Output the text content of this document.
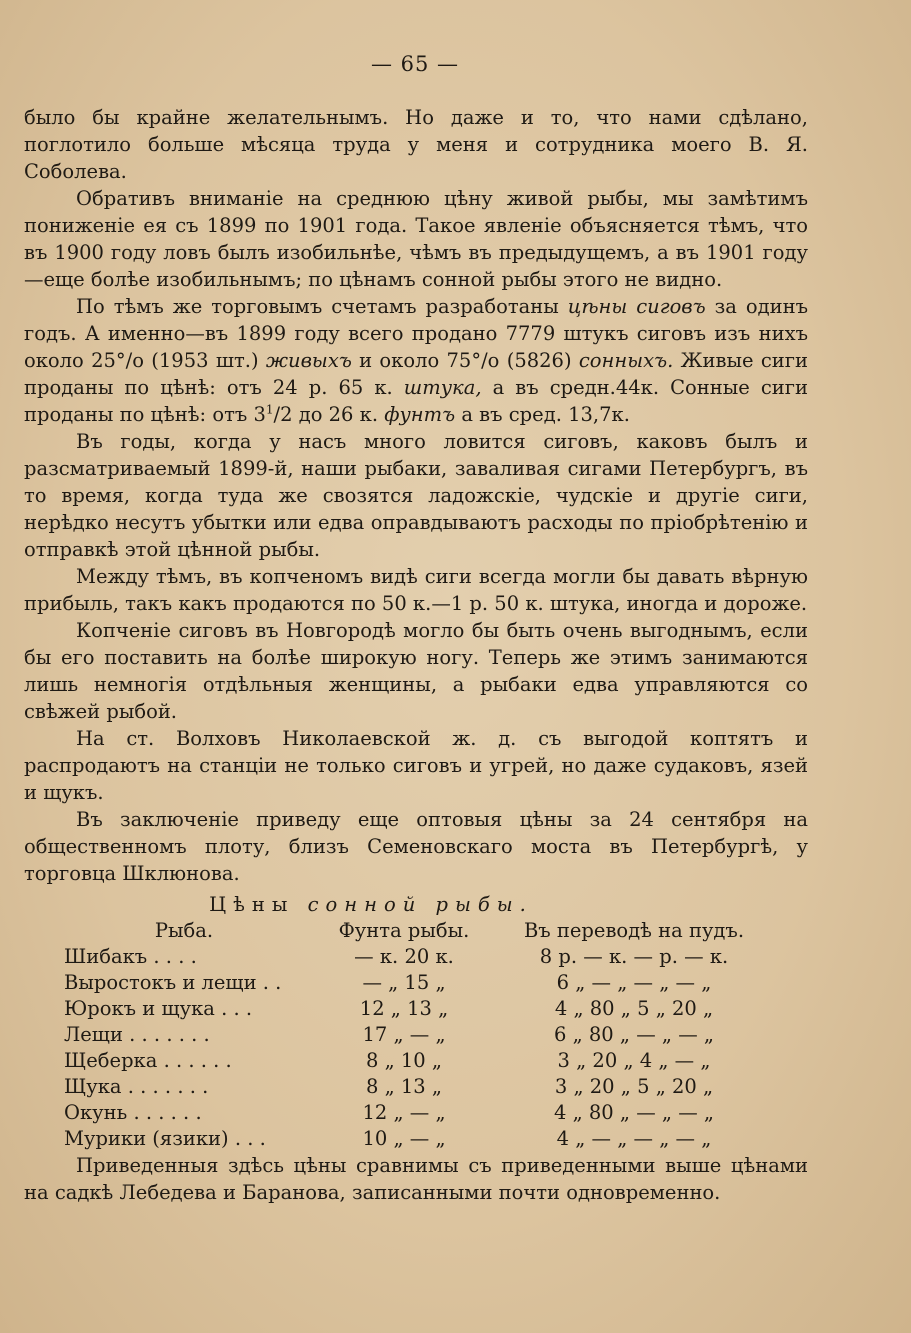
— 65 —

было бы крайне желательнымъ. Но даже и то, что нами сдѣлано, поглотило больше мѣсяца труда у меня и сотрудника моего В. Я. Соболева.

Обративъ вниманіе на среднюю цѣну живой рыбы, мы замѣтимъ пониженіе ея съ 1899 по 1901 года. Такое явленіе объясняется тѣмъ, что въ 1900 году ловъ былъ изобильнѣе, чѣмъ въ предыдущемъ, а въ 1901 году—еще болѣе изобильнымъ; по цѣнамъ сонной рыбы этого не видно.

По тѣмъ же торговымъ счетамъ разработаны цѣны сиговъ за одинъ годъ. А именно—въ 1899 году всего продано 7779 штукъ сиговъ изъ нихъ около 25°/о (1953 шт.) живыхъ и около 75°/о (5826) сонныхъ. Живые сиги проданы по цѣнѣ: отъ 24 р. 65 к. штука, а въ средн.44к. Сонные сиги проданы по цѣнѣ: отъ $3^1/2$ до 26 к. фунтъ а въ сред. 13,7к.

Въ годы, когда у насъ много ловится сиговъ, каковъ былъ и разсматриваемый 1899-й, наши рыбаки, заваливая сигами Петербургъ, въ то время, когда туда же свозятся ладожскіе, чудскіе и другіе сиги, нерѣдко несутъ убытки или едва оправдываютъ расходы по пріобрѣтенію и отправкѣ этой цѣнной рыбы.

Между тѣмъ, въ копченомъ видѣ сиги всегда могли бы давать вѣрную прибыль, такъ какъ продаются по 50 к.—1 р. 50 к. штука, иногда и дороже.

Копченіе сиговъ въ Новгородѣ могло бы быть очень выгоднымъ, если бы его поставить на болѣе широкую ногу. Теперь же этимъ занимаются лишь немногія отдѣльныя женщины, а рыбаки едва управляются со свѣжей рыбой.

На ст. Волховъ Николаевской ж. д. съ выгодой коптятъ и распродаютъ на станціи не только сиговъ и угрей, но даже судаковъ, язей и щукъ.

Въ заключеніе приведу еще оптовыя цѣны за 24 сентября на общественномъ плоту, близъ Семеновскаго моста въ Петербургѣ, у торговца Шклюнова.

Цѣны сонной рыбы.
Рыба.	Фунта рыбы.	Въ переводѣ на пудъ.
Шибакъ . . . .	— к. 20 к.	8 р. — к. — р. — к.
Выростокъ и лещи . .	— „ 15 „	6 „ — „ — „ — „
Юрокъ и щука . . .	12 „ 13 „	4 „ 80 „ 5 „ 20 „
Лещи . . . . . . .	17 „ — „	6 „ 80 „ — „ — „
Щеберка . . . . . .	8 „ 10 „	3 „ 20 „ 4 „ — „
Щука . . . . . . .	8 „ 13 „	3 „ 20 „ 5 „ 20 „
Окунь . . . . . .	12 „ — „	4 „ 80 „ — „ — „
Мурики (язики) . . .	10 „ — „	4 „ — „ — „ — „

Приведенныя здѣсь цѣны сравнимы съ приведенными выше цѣнами на садкѣ Лебедева и Баранова, записанными почти одновременно.
